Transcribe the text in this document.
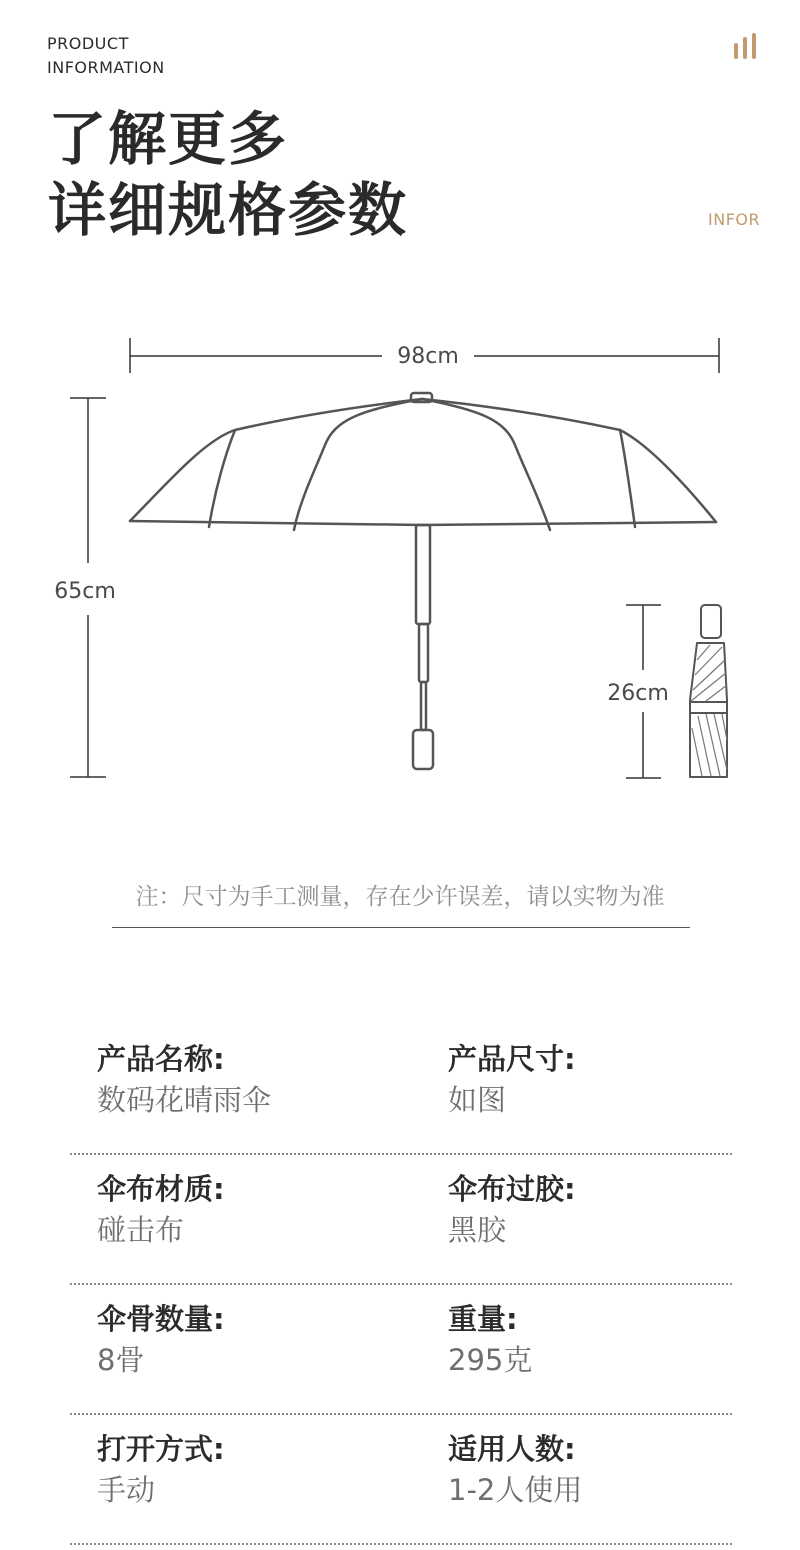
PRODUCT
INFORMATION
了解更多
详细规格参数	INFOR
98cm
65cm
26cm
注：尺寸为手工测量，存在少许误差，请以实物为准
产品名称:
数码花晴雨伞
产品尺寸:
如图
伞布材质:
碰击布
伞布过胶:
黑胶
伞骨数量:
8骨
重量:
295克
打开方式:
手动
适用人数:
1-2人使用
